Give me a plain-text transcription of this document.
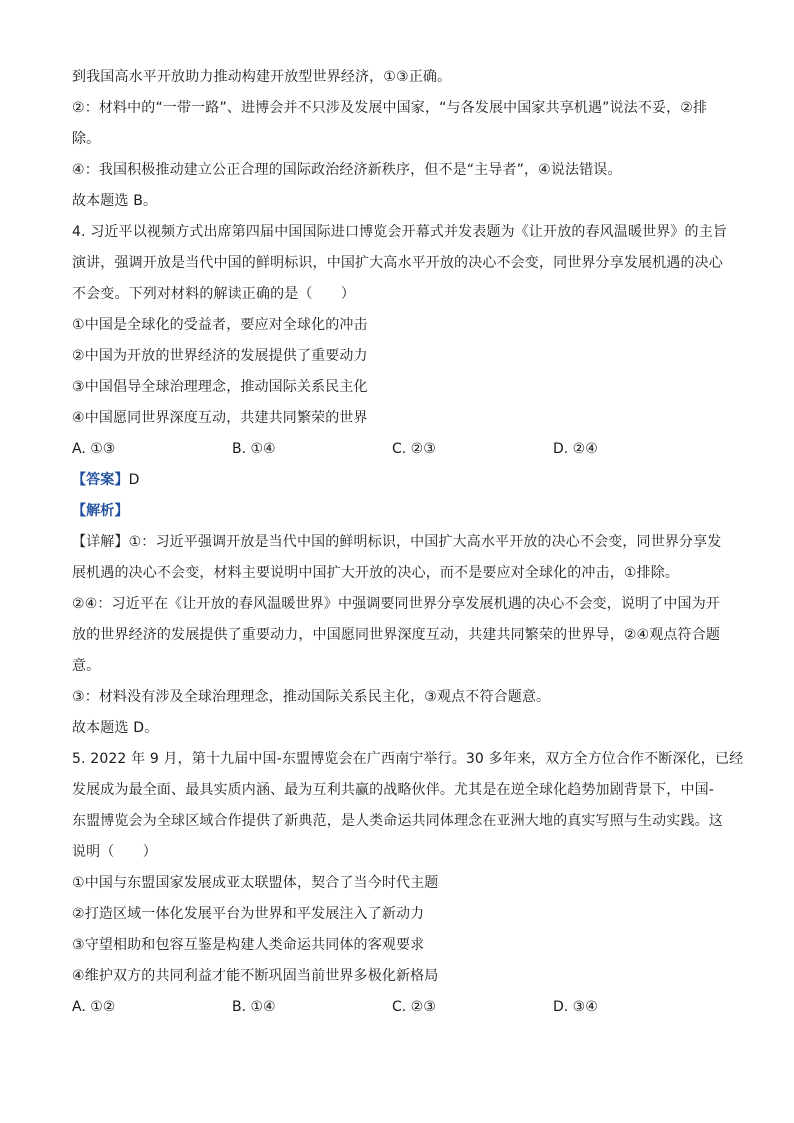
到我国高水平开放助力推动构建开放型世界经济，①③正确。
②：材料中的“一带一路”、进博会并不只涉及发展中国家，“与各发展中国家共享机遇”说法不妥，②排
除。
④：我国积极推动建立公正合理的国际政治经济新秩序，但不是“主导者”，④说法错误。
故本题选 B。
4. 习近平以视频方式出席第四届中国国际进口博览会开幕式并发表题为《让开放的春风温暖世界》的主旨
演讲，强调开放是当代中国的鲜明标识，中国扩大高水平开放的决心不会变，同世界分享发展机遇的决心
不会变。下列对材料的解读正确的是（　　）
①中国是全球化的受益者，要应对全球化的冲击
②中国为开放的世界经济的发展提供了重要动力
③中国倡导全球治理理念，推动国际关系民主化
④中国愿同世界深度互动，共建共同繁荣的世界
A. ①③	B. ①④	C. ②③	D. ②④
【答案】D
【解析】
【详解】①：习近平强调开放是当代中国的鲜明标识，中国扩大高水平开放的决心不会变，同世界分享发
展机遇的决心不会变，材料主要说明中国扩大开放的决心，而不是要应对全球化的冲击，①排除。
②④：习近平在《让开放的春风温暖世界》中强调要同世界分享发展机遇的决心不会变，说明了中国为开
放的世界经济的发展提供了重要动力，中国愿同世界深度互动，共建共同繁荣的世界导，②④观点符合题
意。
③：材料没有涉及全球治理理念，推动国际关系民主化，③观点不符合题意。
故本题选 D。
5. 2022 年 9 月，第十九届中国-东盟博览会在广西南宁举行。30 多年来，双方全方位合作不断深化，已经
发展成为最全面、最具实质内涵、最为互利共赢的战略伙伴。尤其是在逆全球化趋势加剧背景下，中国-
东盟博览会为全球区域合作提供了新典范，是人类命运共同体理念在亚洲大地的真实写照与生动实践。这
说明（　　）
①中国与东盟国家发展成亚太联盟体，契合了当今时代主题
②打造区域一体化发展平台为世界和平发展注入了新动力
③守望相助和包容互鉴是构建人类命运共同体的客观要求
④维护双方的共同利益才能不断巩固当前世界多极化新格局
A. ①②	B. ①④	C. ②③	D. ③④
